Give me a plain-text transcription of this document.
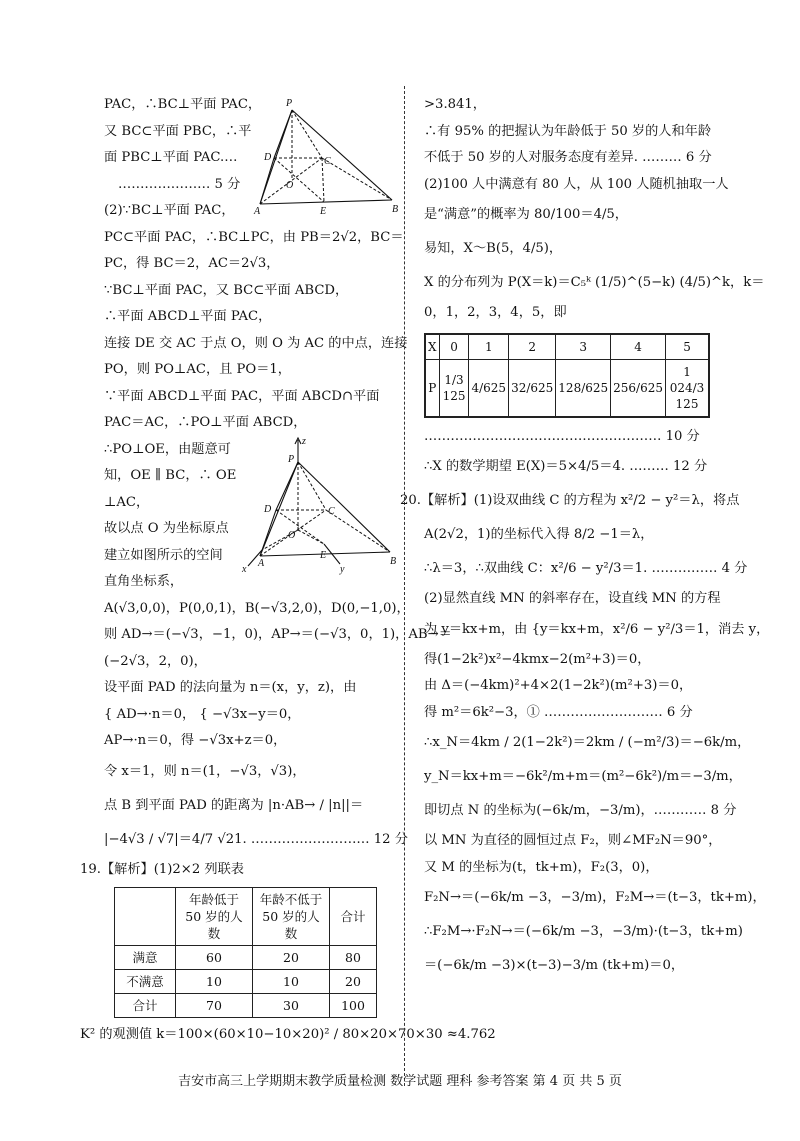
PAC，∴BC⊥平面 PAC，
又 BC⊂平面 PBC，∴平
面 PBC⊥平面 PAC.…
………………… 5 分
(2)∵BC⊥平面 PAC，
PC⊂平面 PAC，∴BC⊥PC，由 PB＝2√2，BC＝
PC，得 BC＝2，AC＝2√3，
∵BC⊥平面 PAC，又 BC⊂平面 ABCD，
∴平面 ABCD⊥平面 PAC，
连接 DE 交 AC 于点 O，则 O 为 AC 的中点，连接
PO，则 PO⊥AC，且 PO＝1，
∵平面 ABCD⊥平面 PAC，平面 ABCD∩平面
PAC＝AC，∴PO⊥平面 ABCD，
∴PO⊥OE，由题意可
知，OE ∥ BC，∴ OE
⊥AC，
故以点 O 为坐标原点
建立如图所示的空间
直角坐标系，
A(√3,0,0)，P(0,0,1)，B(−√3,2,0)，D(0,−1,0)，
则 AD→＝(−√3，−1，0)，AP→＝(−√3，0，1)，AB→＝
(−2√3，2，0)，
设平面 PAD 的法向量为 n＝(x，y，z)，由
{ AD→·n＝0， { −√3x−y＝0，
AP→·n＝0，得 −√3x+z＝0，
令 x＝1，则 n＝(1，−√3，√3)，
点 B 到平面 PAD 的距离为 |n·AB→ / |n||＝
|−4√3 / √7|＝4/7 √21. ……………………… 12 分
19.【解析】(1)2×2 列联表
	年龄低于 50 岁的人数	年龄不低于 50 岁的人数	合计
满意	60	20	80
不满意	10	10	20
合计	70	30	100
K² 的观测值 k＝100×(60×10−10×20)² / 80×20×70×30 ≈4.762
P
D	C
O
A	E	B
z
P
D	C
O
A
E
B
x	y
>3.841，
∴有 95% 的把握认为年龄低于 50 岁的人和年龄
不低于 50 岁的人对服务态度有差异. ……… 6 分
(2)100 人中满意有 80 人，从 100 人随机抽取一人
是“满意”的概率为 80/100＝4/5，
易知，X～B(5，4/5)，
X 的分布列为 P(X＝k)＝C₅ᵏ (1/5)^(5−k) (4/5)^k，k＝
0，1，2，3，4，5，即
X	0	1	2	3	4	5
P	1/3 125	4/625	32/625	128/625	256/625	1 024/3 125
……………………………………………… 10 分
∴X 的数学期望 E(X)＝5×4/5＝4. ……… 12 分
20.【解析】(1)设双曲线 C 的方程为 x²/2 − y²＝λ，将点
A(2√2，1)的坐标代入得 8/2 −1＝λ，
∴λ＝3，∴双曲线 C：x²/6 − y²/3＝1. …………… 4 分
(2)显然直线 MN 的斜率存在，设直线 MN 的方程
为 y＝kx+m，由 {y＝kx+m，x²/6 − y²/3＝1，消去 y，
得(1−2k²)x²−4kmx−2(m²+3)＝0，
由 Δ＝(−4km)²+4×2(1−2k²)(m²+3)＝0，
得 m²＝6k²−3，① ……………………… 6 分
∴x_N＝4km / 2(1−2k²)＝2km / (−m²/3)＝−6k/m，
y_N＝kx+m＝−6k²/m+m＝(m²−6k²)/m＝−3/m，
即切点 N 的坐标为(−6k/m，−3/m)，………… 8 分
以 MN 为直径的圆恒过点 F₂，则∠MF₂N＝90°，
又 M 的坐标为(t，tk+m)，F₂(3，0)，
F₂N→＝(−6k/m −3，−3/m)，F₂M→＝(t−3，tk+m)，
∴F₂M→·F₂N→＝(−6k/m −3，−3/m)·(t−3，tk+m)
＝(−6k/m −3)×(t−3)−3/m (tk+m)＝0，
吉安市高三上学期期末教学质量检测 数学试题 理科 参考答案 第 4 页 共 5 页
